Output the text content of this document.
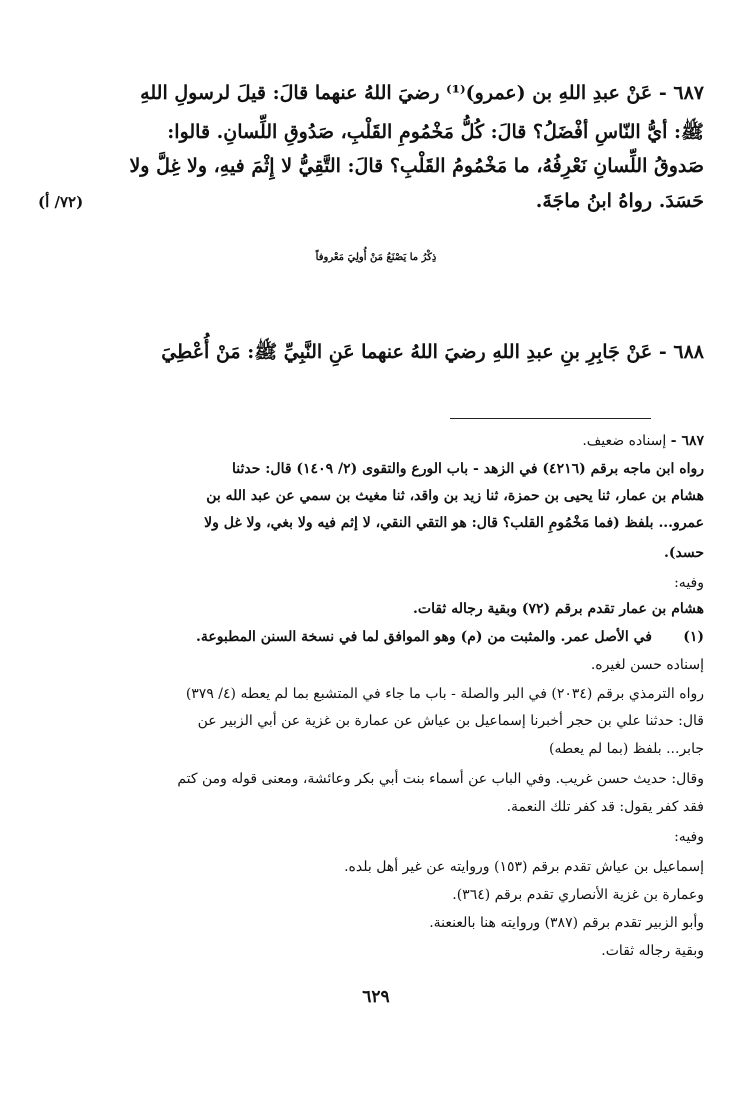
٦٨٧ - عَنْ عبدِ اللهِ بن (عمرو)⁽¹⁾ رضيَ اللهُ عنهما قالَ: قيلَ لرسولِ اللهِ
ﷺ: أيُّ النّاسِ أفْضَلُ؟ قالَ: كُلُّ مَخْمُومِ القَلْبِ، صَدُوقِ اللِّسانِ. قالوا:
صَدوقُ اللِّسانِ نَعْرِفُهُ، ما مَخْمُومُ القَلْبِ؟ قالَ: التَّقِيُّ لا إِثْمَ فيهِ، ولا غِلَّ ولا
حَسَدَ. رواهُ ابنُ ماجَةَ.
(٧٢/ أ)
ذِكْرُ ما يَصْنَعُ مَنْ أُولِيَ مَعْروفاً
٦٨٨ - عَنْ جَابِرِ بنِ عبدِ اللهِ رضيَ اللهُ عنهما عَنِ النَّبِيِّ ﷺ: مَنْ أُعْطِيَ
٦٨٧ - إسناده ضعيف.
رواه ابن ماجه برقم (٤٢١٦) في الزهد - باب الورع والتقوى (٢/ ١٤٠٩) قال: حدثنا
هشام بن عمار، ثنا يحيى بن حمزة، ثنا زيد بن واقد، ثنا مغيث بن سمي عن عبد الله بن
عمرو... بلفظ (فما مَخْمُومِ القلب؟ قال: هو التقي النقي، لا إثم فيه ولا بغي، ولا غل ولا
حسد).
وفيه:
هشام بن عمار تقدم برقم (٧٢) وبقية رجاله ثقات.
(١)
في الأصل عمر. والمثبت من (م) وهو الموافق لما في نسخة السنن المطبوعة.
إسناده حسن لغيره.
رواه الترمذي برقم (٢٠٣٤) في البر والصلة - باب ما جاء في المتشبع بما لم يعطه (٤/ ٣٧٩)
قال: حدثنا علي بن حجر أخبرنا إسماعيل بن عياش عن عمارة بن غزية عن أبي الزبير عن
جابر... بلفظ (بما لم يعطه)
وقال: حديث حسن غريب. وفي الباب عن أسماء بنت أبي بكر وعائشة، ومعنى قوله ومن كتم
فقد كفر يقول: قد كفر تلك النعمة.
وفيه:
إسماعيل بن عياش تقدم برقم (١٥٣) وروايته عن غير أهل بلده.
وعمارة بن غزية الأنصاري تقدم برقم (٣٦٤).
وأبو الزبير تقدم برقم (٣٨٧) وروايته هنا بالعنعنة.
وبقية رجاله ثقات.
٦٢٩
